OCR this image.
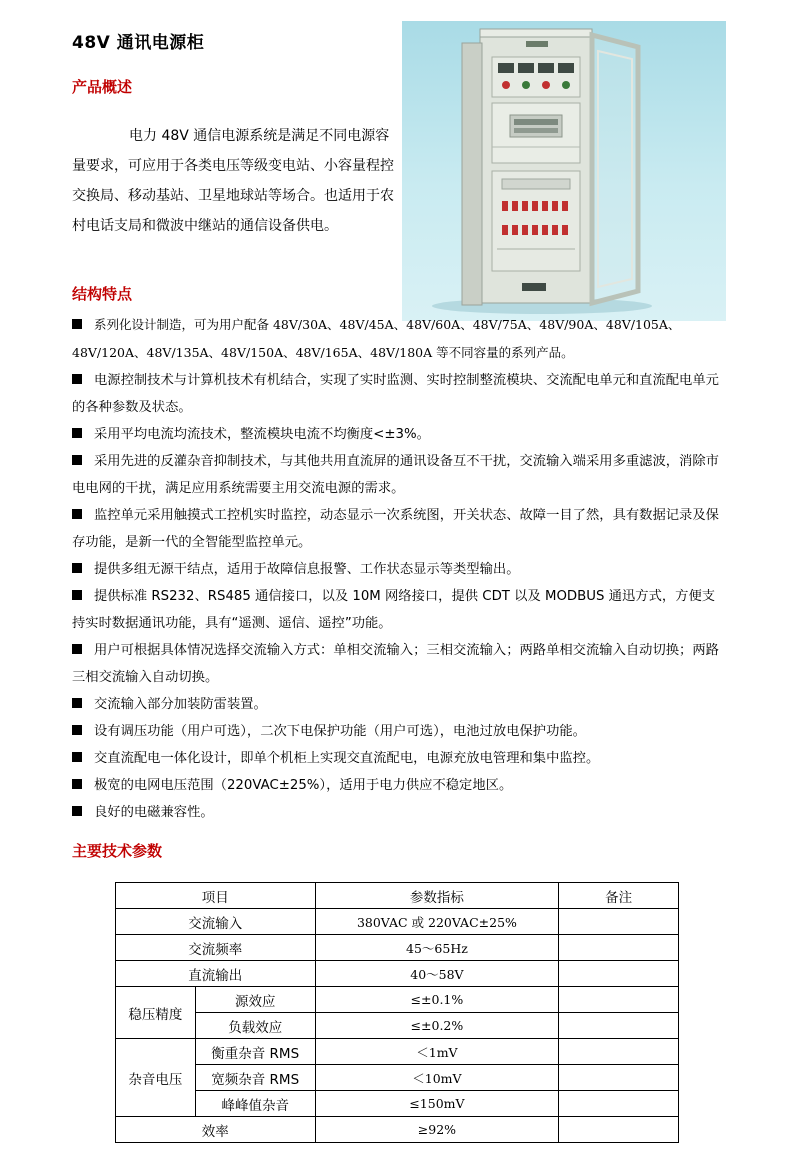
48V 通讯电源柜
产品概述
电力 48V 通信电源系统是满足不同电源容量要求，可应用于各类电压等级变电站、小容量程控交换局、移动基站、卫星地球站等场合。也适用于农村电话支局和微波中继站的通信设备供电。
结构特点

系列化设计制造，可为用户配备 48V/30A、48V/45A、48V/60A、48V/75A、48V/90A、48V/105A、48V/120A、48V/135A、48V/150A、48V/165A、48V/180A 等不同容量的系列产品。

电源控制技术与计算机技术有机结合，实现了实时监测、实时控制整流模块、交流配电单元和直流配电单元的各种参数及状态。

采用平均电流均流技术，整流模块电流不均衡度<±3%。

采用先进的反灌杂音抑制技术，与其他共用直流屏的通讯设备互不干扰，交流输入端采用多重滤波，消除市电电网的干扰，满足应用系统需要主用交流电源的需求。

监控单元采用触摸式工控机实时监控，动态显示一次系统图，开关状态、故障一目了然，具有数据记录及保存功能，是新一代的全智能型监控单元。

提供多组无源干结点，适用于故障信息报警、工作状态显示等类型输出。

提供标准 RS232、RS485 通信接口，以及 10M 网络接口，提供 CDT 以及 MODBUS 通迅方式，方便支持实时数据通讯功能，具有“遥测、遥信、遥控”功能。

用户可根据具体情况选择交流输入方式：单相交流输入；三相交流输入；两路单相交流输入自动切换；两路三相交流输入自动切换。

交流输入部分加装防雷装置。

设有调压功能（用户可选），二次下电保护功能（用户可选），电池过放电保护功能。

交直流配电一体化设计，即单个机柜上实现交直流配电，电源充放电管理和集中监控。

极宽的电网电压范围（220VAC±25%），适用于电力供应不稳定地区。

良好的电磁兼容性。

主要技术参数
项目		参数指标	备注
交流输入		380VAC 或 220VAC±25%	
交流频率		45～65Hz	
直流输出		40～58V	
稳压精度	源效应	≤±0.1%	
	负载效应	≤±0.2%	
杂音电压	衡重杂音 RMS	＜1mV	
	宽频杂音 RMS	＜10mV	
	峰峰值杂音	≤150mV	
效率		≥92%	
